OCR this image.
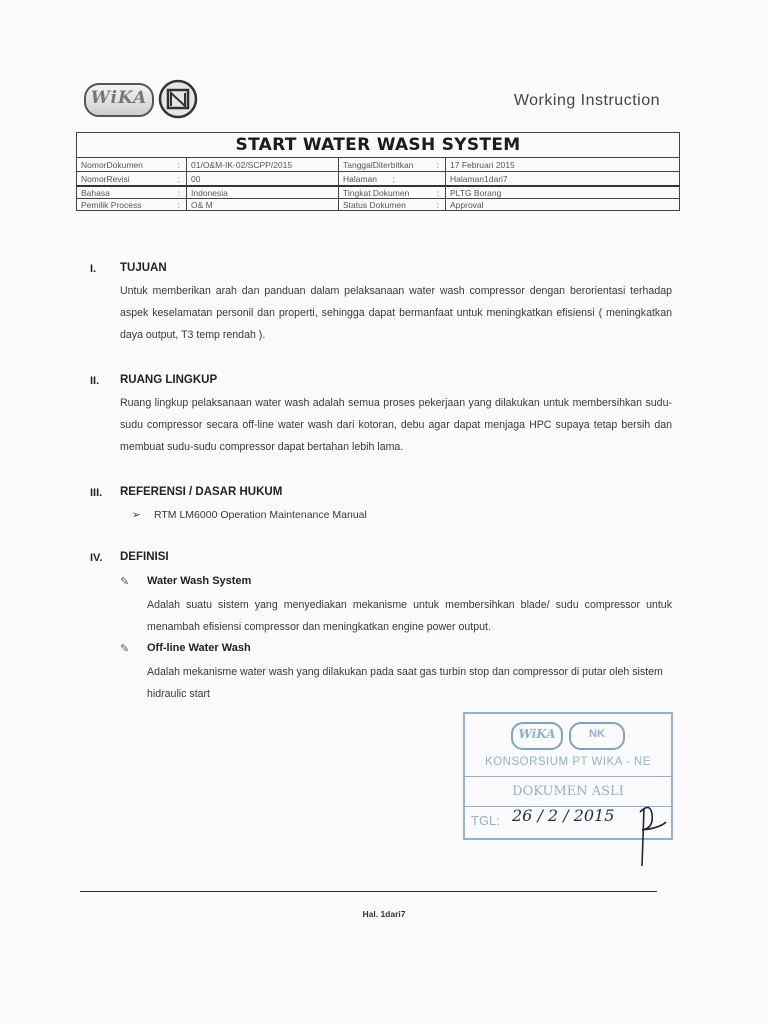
WiKA	Working Instruction
START WATER WASH SYSTEM			
NomorDokumen :	01/O&M-IK-02/SCPP/2015	TanggalDiterbitkan :	17 Februari 2015
NomorRevisi :	00	Halaman :	Halaman1dari7
Bahasa :	Indonesia	Tingkat Dokumen :	PLTG Borang
Pemilik Process :	O& M	Status Dokumen :	Approval
I. TUJUAN
Untuk memberikan arah dan panduan dalam pelaksanaan water wash compressor dengan berorientasi terhadap aspek keselamatan personil dan properti, sehingga dapat bermanfaat untuk meningkatkan efisiensi ( meningkatkan daya output, T3 temp rendah ).
II. RUANG LINGKUP
Ruang lingkup pelaksanaan water wash adalah semua proses pekerjaan yang dilakukan untuk membersihkan sudu-sudu compressor secara off-line water wash dari kotoran, debu agar dapat menjaga HPC supaya tetap bersih dan membuat sudu-sudu compressor dapat bertahan lebih lama.
III. REFERENSI / DASAR HUKUM
➢ RTM LM6000 Operation Maintenance Manual
IV. DEFINISI
✎ Water Wash System
Adalah suatu sistem yang menyediakan mekanisme untuk membersihkan blade/ sudu compressor untuk menambah efisiensi compressor dan meningkatkan engine power output.
✎ Off-line Water Wash
Adalah mekanisme water wash yang dilakukan pada saat gas turbin stop dan compressor di putar oleh sistem hidraulic start
WiKA	NK
KONSORSIUM PT WIKA - NE
DOKUMEN ASLI
TGL: 26 / 2 / 2015
Hal. 1dari7
